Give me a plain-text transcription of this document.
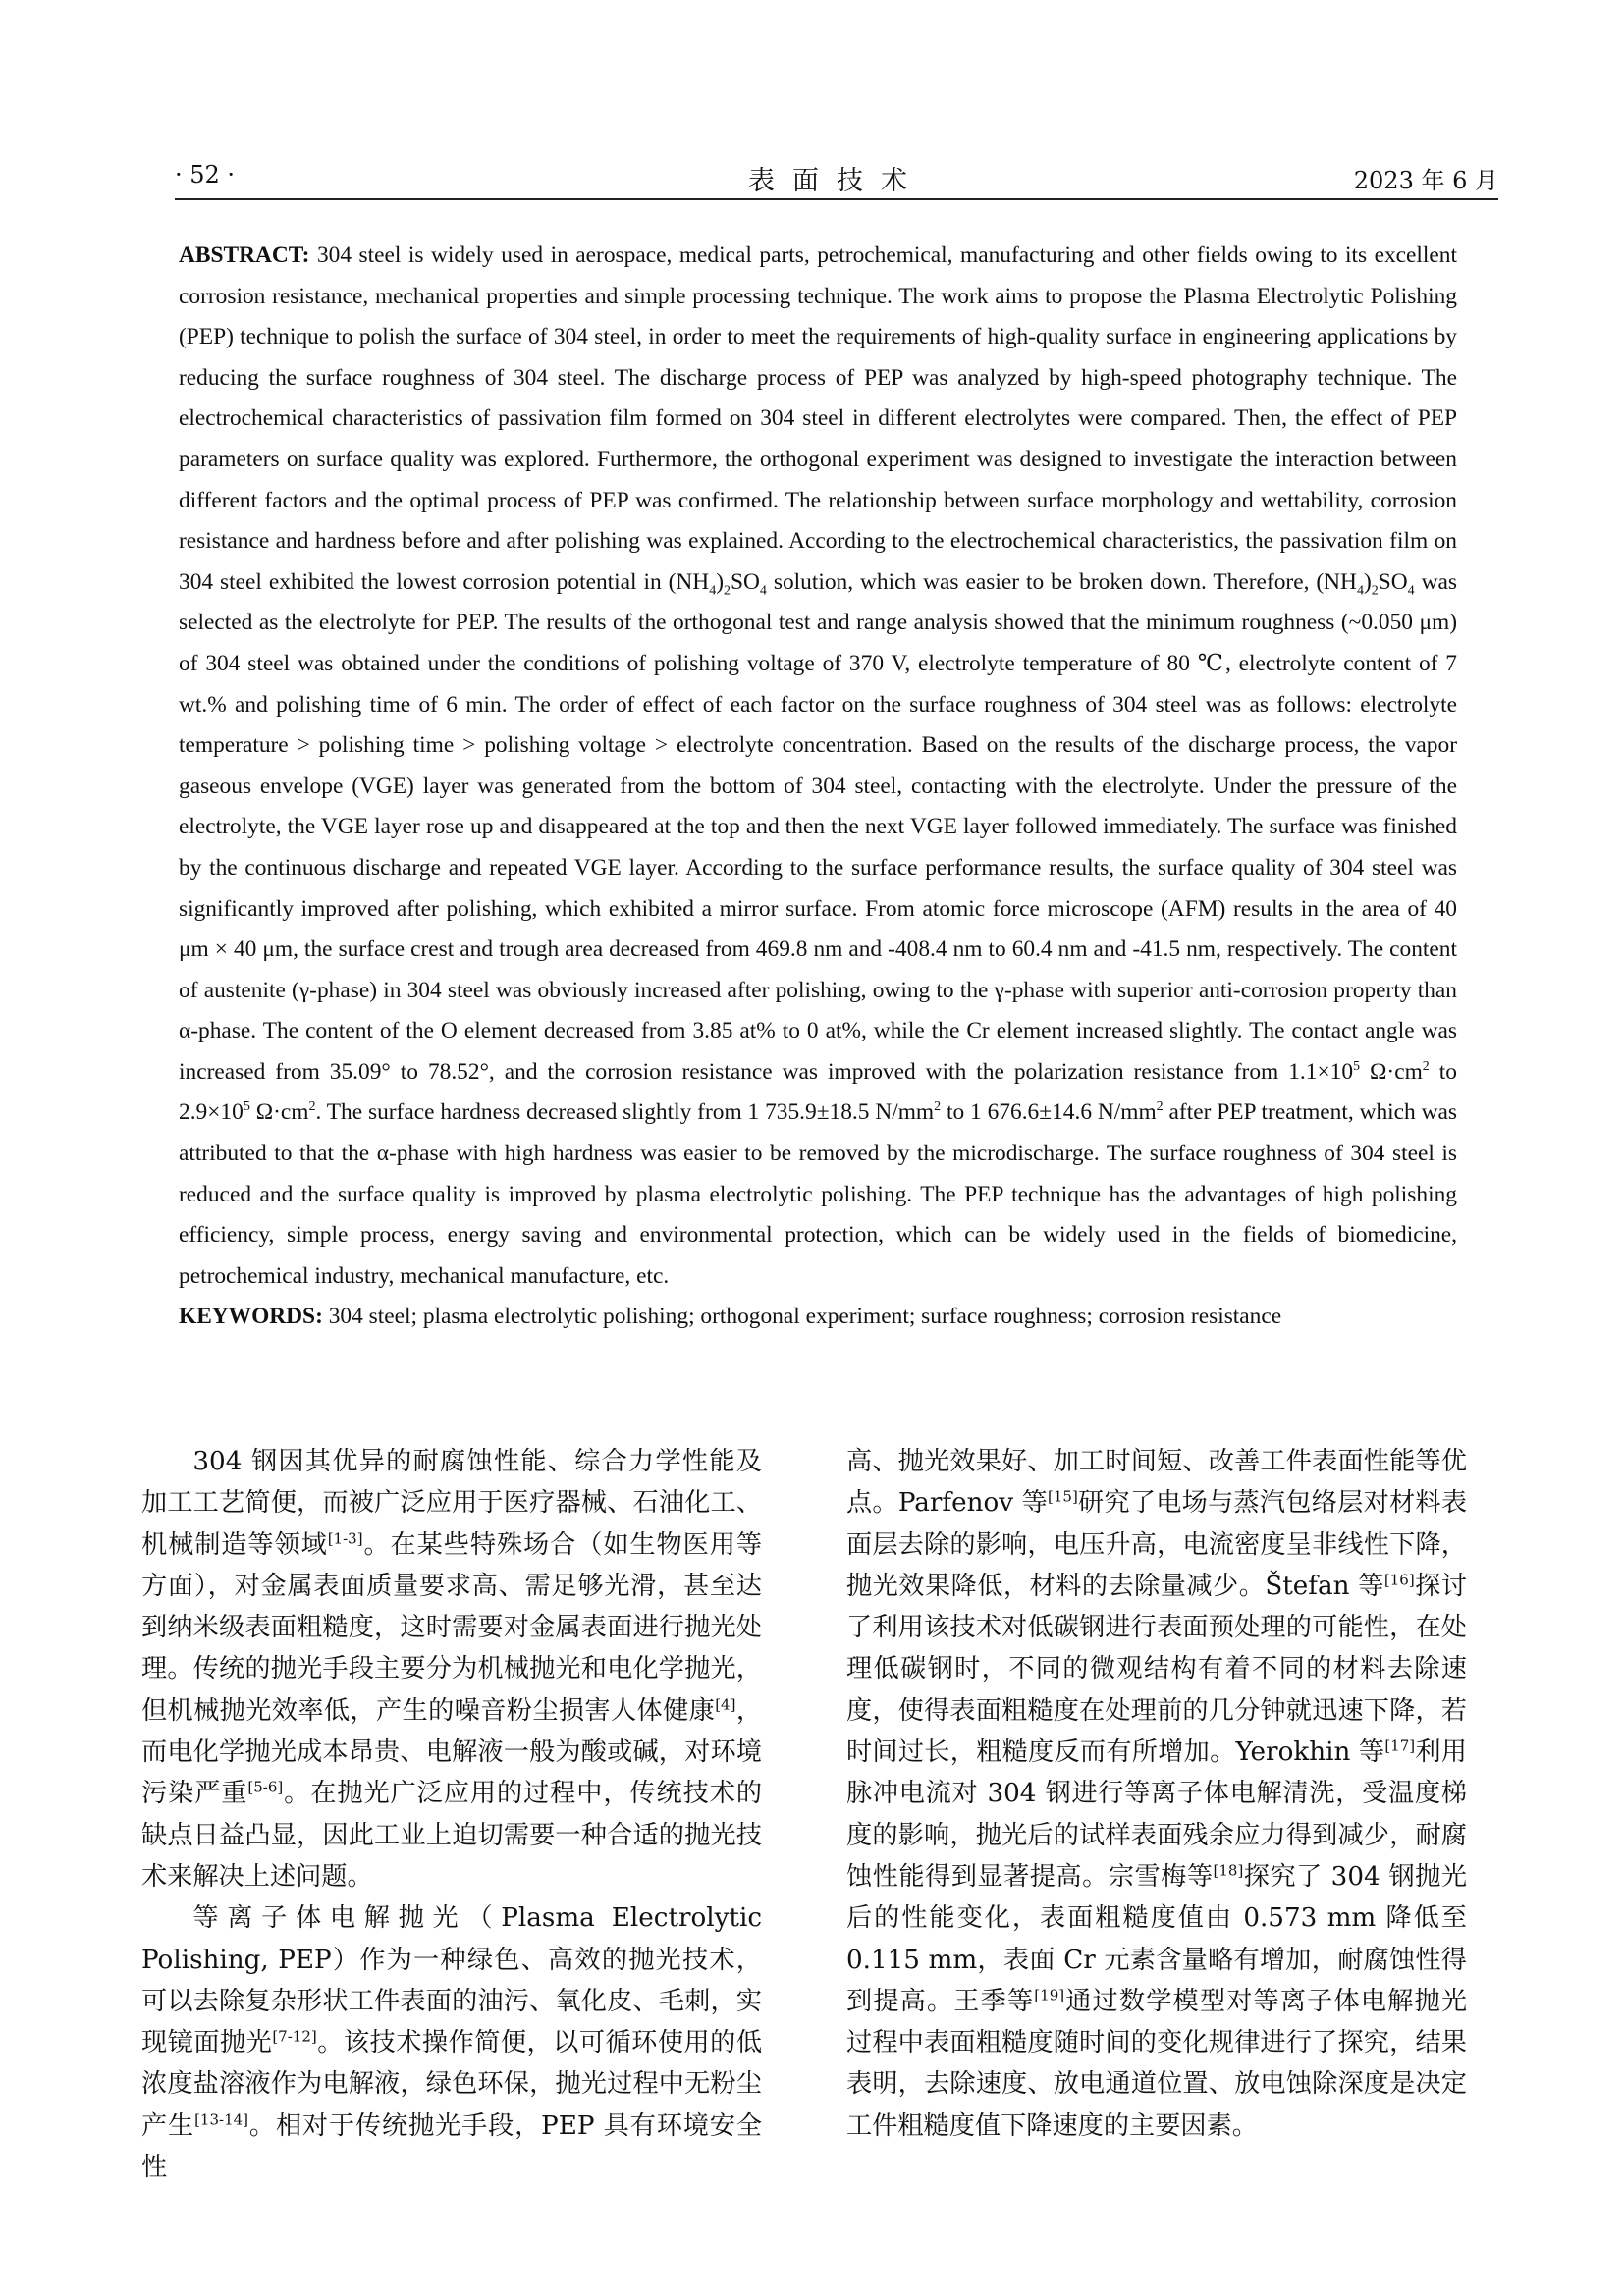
· 52 ·	表面技术	2023 年 6 月

ABSTRACT: 304 steel is widely used in aerospace, medical parts, petrochemical, manufacturing and other fields owing to its excellent corrosion resistance, mechanical properties and simple processing technique. The work aims to propose the Plasma Electrolytic Polishing (PEP) technique to polish the surface of 304 steel, in order to meet the requirements of high-quality surface in engineering applications by reducing the surface roughness of 304 steel. The discharge process of PEP was analyzed by high-speed photography technique. The electrochemical characteristics of passivation film formed on 304 steel in different electrolytes were compared. Then, the effect of PEP parameters on surface quality was explored. Furthermore, the orthogonal experiment was designed to investigate the interaction between different factors and the optimal process of PEP was confirmed. The relationship between surface morphology and wettability, corrosion resistance and hardness before and after polishing was explained. According to the electrochemical characteristics, the passivation film on 304 steel exhibited the lowest corrosion potential in $(NH_4)_2SO_4$ solution, which was easier to be broken down. Therefore, $(NH_4)_2SO_4$ was selected as the electrolyte for PEP. The results of the orthogonal test and range analysis showed that the minimum roughness (~0.050 μm) of 304 steel was obtained under the conditions of polishing voltage of 370 V, electrolyte temperature of 80 ℃, electrolyte content of 7 wt.% and polishing time of 6 min. The order of effect of each factor on the surface roughness of 304 steel was as follows: electrolyte temperature > polishing time > polishing voltage > electrolyte concentration. Based on the results of the discharge process, the vapor gaseous envelope (VGE) layer was generated from the bottom of 304 steel, contacting with the electrolyte. Under the pressure of the electrolyte, the VGE layer rose up and disappeared at the top and then the next VGE layer followed immediately. The surface was finished by the continuous discharge and repeated VGE layer. According to the surface performance results, the surface quality of 304 steel was significantly improved after polishing, which exhibited a mirror surface. From atomic force microscope (AFM) results in the area of 40 μm × 40 μm, the surface crest and trough area decreased from 469.8 nm and -408.4 nm to 60.4 nm and -41.5 nm, respectively. The content of austenite (γ-phase) in 304 steel was obviously increased after polishing, owing to the γ-phase with superior anti-corrosion property than α-phase. The content of the O element decreased from 3.85 at% to 0 at%, while the Cr element increased slightly. The contact angle was increased from 35.09° to 78.52°, and the corrosion resistance was improved with the polarization resistance from $1.1\times 10^5$ $\Omega\cdot cm^2$ to $2.9\times 10^5$ $\Omega\cdot cm^2$. The surface hardness decreased slightly from 1 735.9±18.5 $N/mm^2$ to 1 676.6±14.6 $N/mm^2$ after PEP treatment, which was attributed to that the α-phase with high hardness was easier to be removed by the microdischarge. The surface roughness of 304 steel is reduced and the surface quality is improved by plasma electrolytic polishing. The PEP technique has the advantages of high polishing efficiency, simple process, energy saving and environmental protection, which can be widely used in the fields of biomedicine, petrochemical industry, mechanical manufacture, etc.

KEYWORDS: 304 steel; plasma electrolytic polishing; orthogonal experiment; surface roughness; corrosion resistance

304 钢因其优异的耐腐蚀性能、综合力学性能及加工工艺简便，而被广泛应用于医疗器械、石油化工、机械制造等领域[1-3]。在某些特殊场合（如生物医用等方面），对金属表面质量要求高、需足够光滑，甚至达到纳米级表面粗糙度，这时需要对金属表面进行抛光处理。传统的抛光手段主要分为机械抛光和电化学抛光，但机械抛光效率低，产生的噪音粉尘损害人体健康[4]，而电化学抛光成本昂贵、电解液一般为酸或碱，对环境污染严重[5-6]。在抛光广泛应用的过程中，传统技术的缺点日益凸显，因此工业上迫切需要一种合适的抛光技术来解决上述问题。

等离子体电解抛光（Plasma Electrolytic Polishing, PEP）作为一种绿色、高效的抛光技术，可以去除复杂形状工件表面的油污、氧化皮、毛刺，实现镜面抛光[7-12]。该技术操作简便，以可循环使用的低浓度盐溶液作为电解液，绿色环保，抛光过程中无粉尘产生[13-14]。相对于传统抛光手段，PEP 具有环境安全性

高、抛光效果好、加工时间短、改善工件表面性能等优点。Parfenov 等[15]研究了电场与蒸汽包络层对材料表面层去除的影响，电压升高，电流密度呈非线性下降，抛光效果降低，材料的去除量减少。Štefan 等[16]探讨了利用该技术对低碳钢进行表面预处理的可能性，在处理低碳钢时，不同的微观结构有着不同的材料去除速度，使得表面粗糙度在处理前的几分钟就迅速下降，若时间过长，粗糙度反而有所增加。Yerokhin 等[17]利用脉冲电流对 304 钢进行等离子体电解清洗，受温度梯度的影响，抛光后的试样表面残余应力得到减少，耐腐蚀性能得到显著提高。宗雪梅等[18]探究了 304 钢抛光后的性能变化，表面粗糙度值由 0.573 mm 降低至 0.115 mm，表面 Cr 元素含量略有增加，耐腐蚀性得到提高。王季等[19]通过数学模型对等离子体电解抛光过程中表面粗糙度随时间的变化规律进行了探究，结果表明，去除速度、放电通道位置、放电蚀除深度是决定工件粗糙度值下降速度的主要因素。
